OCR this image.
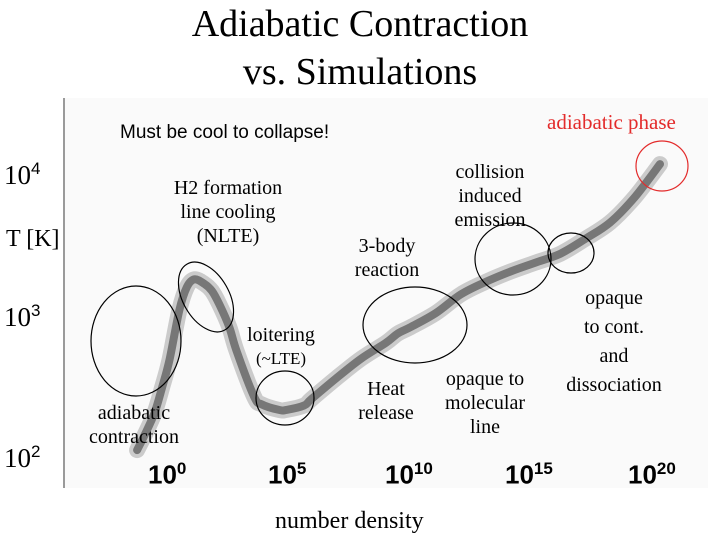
Adiabatic Contraction
vs. Simulations
T [K]
number density
$10^4$
$10^3$
$10^2$
$10^0$	$10^5$	$10^{10}$	$10^{15}$	$10^{20}$
Must be cool to collapse!	adiabatic phase
H2 formation
line cooling
(NLTE)	3-body
reaction
collision
induced
emission
loitering
(~LTE)
adiabatic
contraction
Heat
release
opaque to
molecular
line
opaque
to cont.
and
dissociation
